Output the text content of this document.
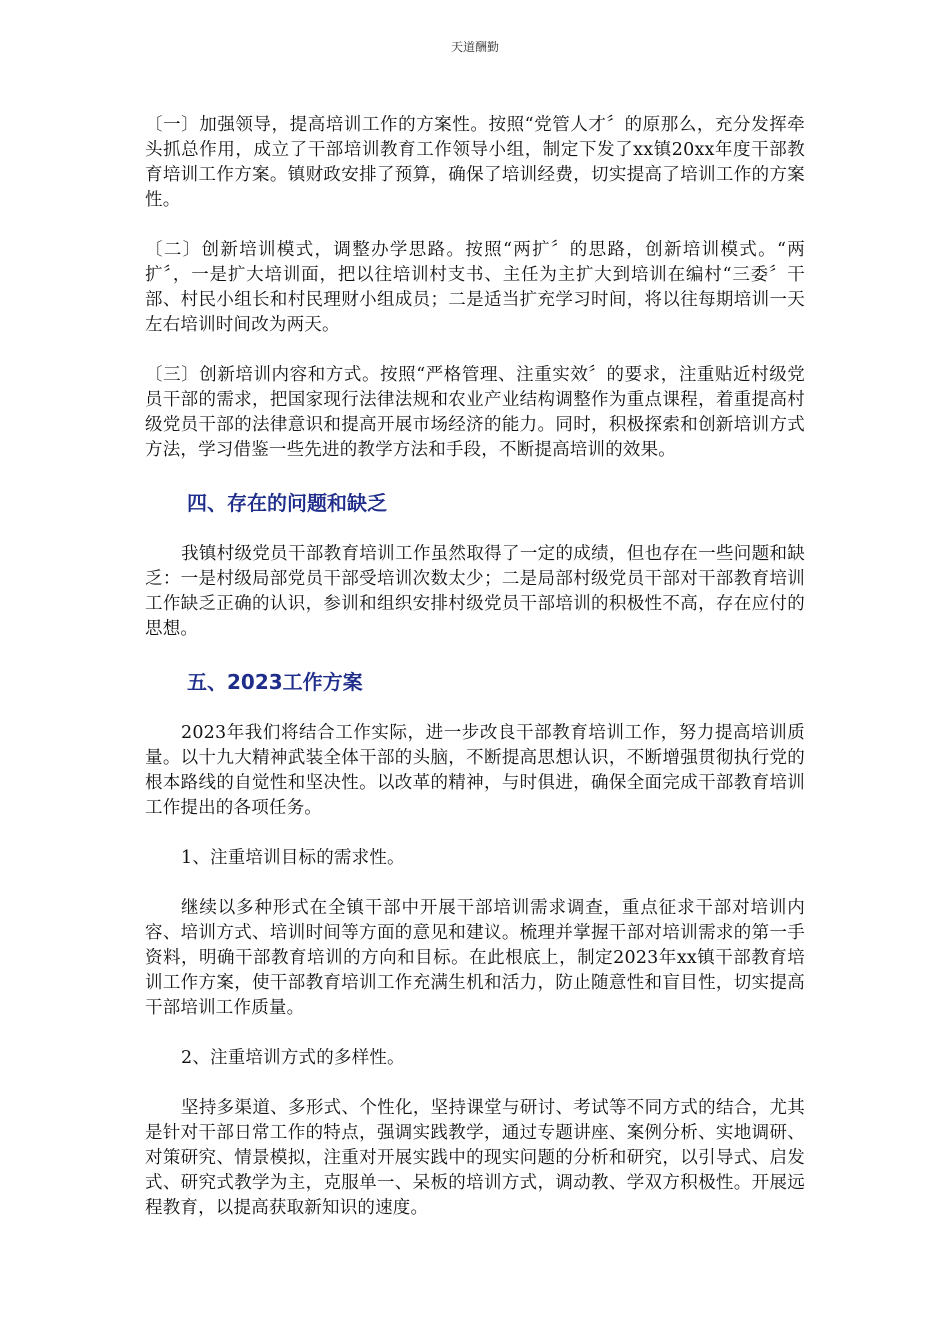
天道酬勤

〔一〕加强领导，提高培训工作的方案性。按照“党管人才〞的原那么，充分发挥牵头抓总作用，成立了干部培训教育工作领导小组，制定下发了xx镇20xx年度干部教育培训工作方案。镇财政安排了预算，确保了培训经费，切实提高了培训工作的方案性。

〔二〕创新培训模式，调整办学思路。按照“两扩〞的思路，创新培训模式。“两扩〞，一是扩大培训面，把以往培训村支书、主任为主扩大到培训在编村“三委〞干部、村民小组长和村民理财小组成员；二是适当扩充学习时间，将以往每期培训一天左右培训时间改为两天。

〔三〕创新培训内容和方式。按照“严格管理、注重实效〞的要求，注重贴近村级党员干部的需求，把国家现行法律法规和农业产业结构调整作为重点课程，着重提高村级党员干部的法律意识和提高开展市场经济的能力。同时，积极探索和创新培训方式方法，学习借鉴一些先进的教学方法和手段，不断提高培训的效果。

四、存在的问题和缺乏

我镇村级党员干部教育培训工作虽然取得了一定的成绩，但也存在一些问题和缺乏：一是村级局部党员干部受培训次数太少；二是局部村级党员干部对干部教育培训工作缺乏正确的认识，参训和组织安排村级党员干部培训的积极性不高，存在应付的思想。

五、2023工作方案

2023年我们将结合工作实际，进一步改良干部教育培训工作，努力提高培训质量。以十九大精神武装全体干部的头脑，不断提高思想认识，不断增强贯彻执行党的根本路线的自觉性和坚决性。以改革的精神，与时俱进，确保全面完成干部教育培训工作提出的各项任务。

1、注重培训目标的需求性。

继续以多种形式在全镇干部中开展干部培训需求调查，重点征求干部对培训内容、培训方式、培训时间等方面的意见和建议。梳理并掌握干部对培训需求的第一手资料，明确干部教育培训的方向和目标。在此根底上，制定2023年xx镇干部教育培训工作方案，使干部教育培训工作充满生机和活力，防止随意性和盲目性，切实提高干部培训工作质量。

2、注重培训方式的多样性。

坚持多渠道、多形式、个性化，坚持课堂与研讨、考试等不同方式的结合，尤其是针对干部日常工作的特点，强调实践教学，通过专题讲座、案例分析、实地调研、对策研究、情景模拟，注重对开展实践中的现实问题的分析和研究，以引导式、启发式、研究式教学为主，克服单一、呆板的培训方式，调动教、学双方积极性。开展远程教育，以提高获取新知识的速度。
